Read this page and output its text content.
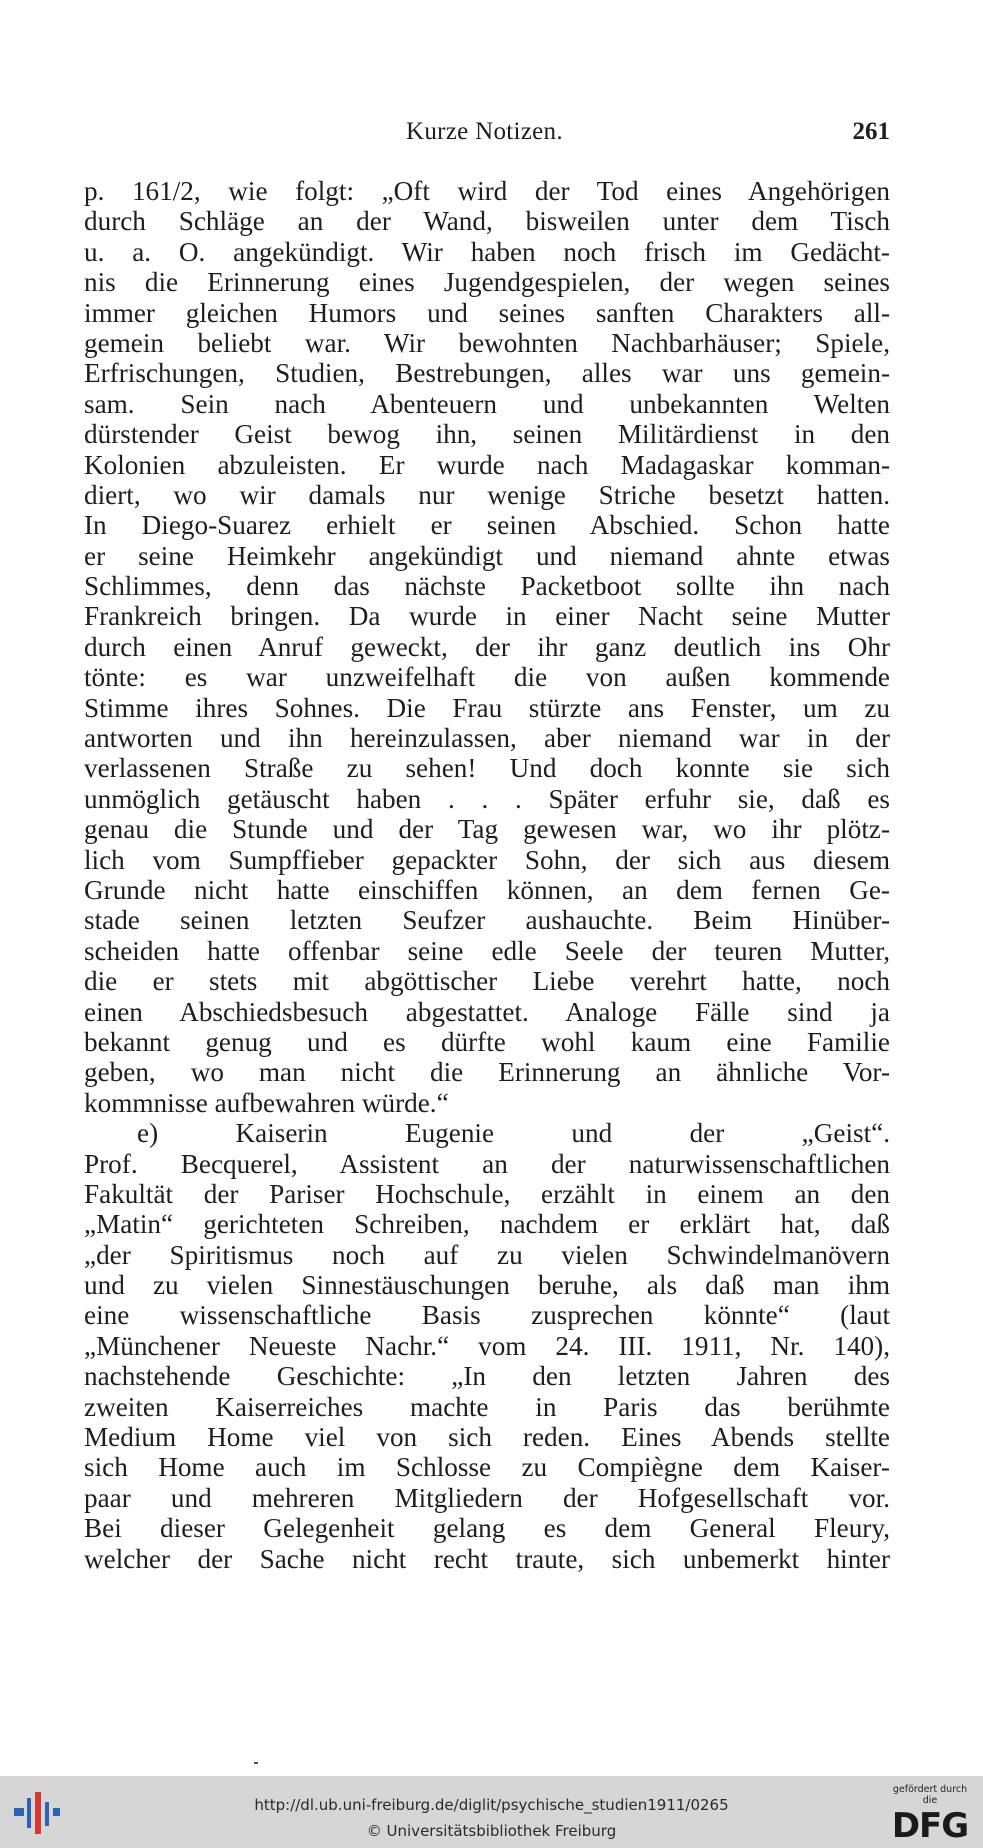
Kurze Notizen.	261
p. 161/2, wie folgt: „Oft wird der Tod eines Angehörigen
durch Schläge an der Wand, bisweilen unter dem Tisch
u. a. O. angekündigt. Wir haben noch frisch im Gedächt-
nis die Erinnerung eines Jugendgespielen, der wegen seines
immer gleichen Humors und seines sanften Charakters all-
gemein beliebt war. Wir bewohnten Nachbarhäuser; Spiele,
Erfrischungen, Studien, Bestrebungen, alles war uns gemein-
sam. Sein nach Abenteuern und unbekannten Welten
dürstender Geist bewog ihn, seinen Militärdienst in den
Kolonien abzuleisten. Er wurde nach Madagaskar komman-
diert, wo wir damals nur wenige Striche besetzt hatten.
In Diego-Suarez erhielt er seinen Abschied. Schon hatte
er seine Heimkehr angekündigt und niemand ahnte etwas
Schlimmes, denn das nächste Packetboot sollte ihn nach
Frankreich bringen. Da wurde in einer Nacht seine Mutter
durch einen Anruf geweckt, der ihr ganz deutlich ins Ohr
tönte: es war unzweifelhaft die von außen kommende
Stimme ihres Sohnes. Die Frau stürzte ans Fenster, um zu
antworten und ihn hereinzulassen, aber niemand war in der
verlassenen Straße zu sehen! Und doch konnte sie sich
unmöglich getäuscht haben . . . Später erfuhr sie, daß es
genau die Stunde und der Tag gewesen war, wo ihr plötz-
lich vom Sumpffieber gepackter Sohn, der sich aus diesem
Grunde nicht hatte einschiffen können, an dem fernen Ge-
stade seinen letzten Seufzer aushauchte. Beim Hinüber-
scheiden hatte offenbar seine edle Seele der teuren Mutter,
die er stets mit abgöttischer Liebe verehrt hatte, noch
einen Abschiedsbesuch abgestattet. Analoge Fälle sind ja
bekannt genug und es dürfte wohl kaum eine Familie
geben, wo man nicht die Erinnerung an ähnliche Vor-
kommnisse aufbewahren würde.“
e) Kaiserin Eugenie und der „Geist“.
Prof. Becquerel, Assistent an der naturwissenschaftlichen
Fakultät der Pariser Hochschule, erzählt in einem an den
„Matin“ gerichteten Schreiben, nachdem er erklärt hat, daß
„der Spiritismus noch auf zu vielen Schwindelmanövern
und zu vielen Sinnestäuschungen beruhe, als daß man ihm
eine wissenschaftliche Basis zusprechen könnte“ (laut
„Münchener Neueste Nachr.“ vom 24. III. 1911, Nr. 140),
nachstehende Geschichte: „In den letzten Jahren des
zweiten Kaiserreiches machte in Paris das berühmte
Medium Home viel von sich reden. Eines Abends stellte
sich Home auch im Schlosse zu Compiègne dem Kaiser-
paar und mehreren Mitgliedern der Hofgesellschaft vor.
Bei dieser Gelegenheit gelang es dem General Fleury,
welcher der Sache nicht recht traute, sich unbemerkt hinter
http://dl.ub.uni-freiburg.de/diglit/psychische_studien1911/0265
© Universitätsbibliothek Freiburg
gefördert durch die
DFG
